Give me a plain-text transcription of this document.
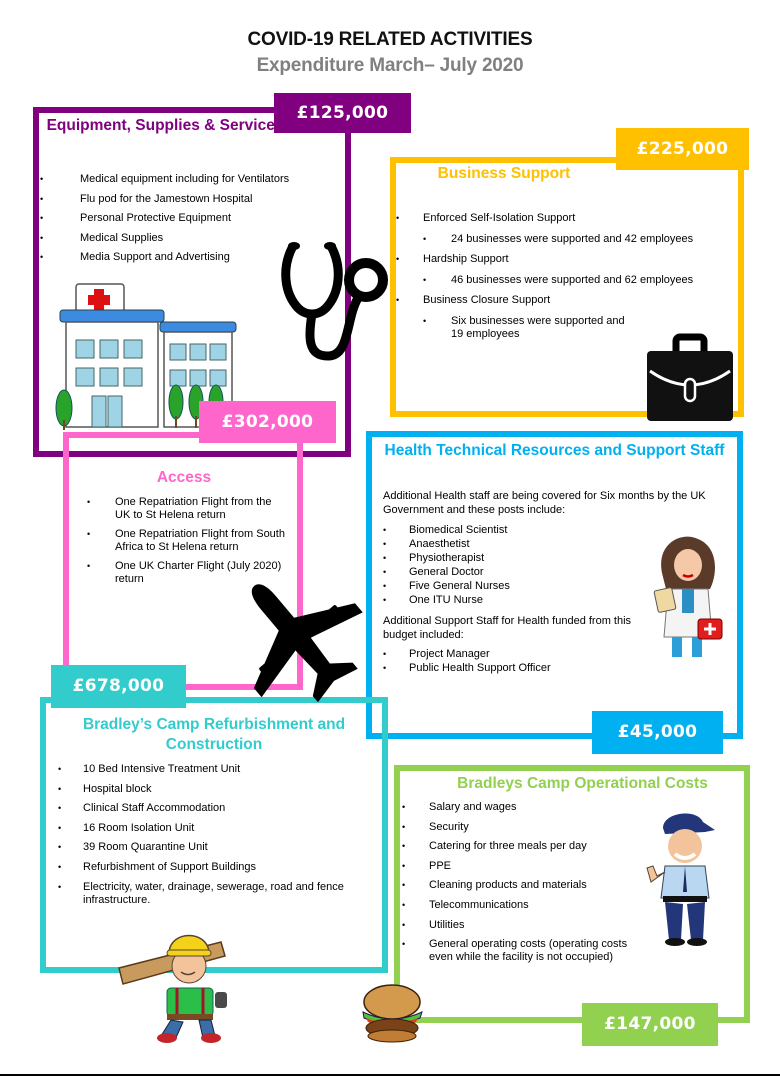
COVID-19 RELATED ACTIVITIES
Expenditure March– July 2020
£125,000
Equipment, Supplies & Services
• Medical equipment including for Ventilators
• Flu pod for the Jamestown Hospital
• Personal Protective Equipment
• Medical Supplies
• Media Support and Advertising
£225,000
Business Support
• Enforced Self-Isolation Support
• 24 businesses were supported and 42 employees
• Hardship Support
• 46 businesses were supported and 62 employees
• Business Closure Support
• Six businesses were supported and 19 employees
£302,000
Access
• One Repatriation Flight from the UK to St Helena return
• One Repatriation Flight from South Africa to St Helena return
• One UK Charter Flight (July 2020) return
Health Technical Resources and Support Staff
Additional Health staff are being covered for Six months by the UK Government and these posts include:
• Biomedical Scientist
• Anaesthetist
• Physiotherapist
• General Doctor
• Five General Nurses
• One ITU Nurse
Additional Support Staff for Health funded from this budget included:
• Project Manager
• Public Health Support Officer
£45,000
£678,000
Bradley’s Camp Refurbishment and Construction
• 10 Bed Intensive Treatment Unit
• Hospital block
• Clinical Staff Accommodation
• 16 Room Isolation Unit
• 39 Room Quarantine Unit
• Refurbishment of Support Buildings
• Electricity, water, drainage, sewerage, road and fence infrastructure.
Bradleys Camp Operational Costs
• Salary and wages
• Security
• Catering for three meals per day
• PPE
• Cleaning products and materials
• Telecommunications
• Utilities
• General operating costs (operating costs even while the facility is not occupied)
£147,000
